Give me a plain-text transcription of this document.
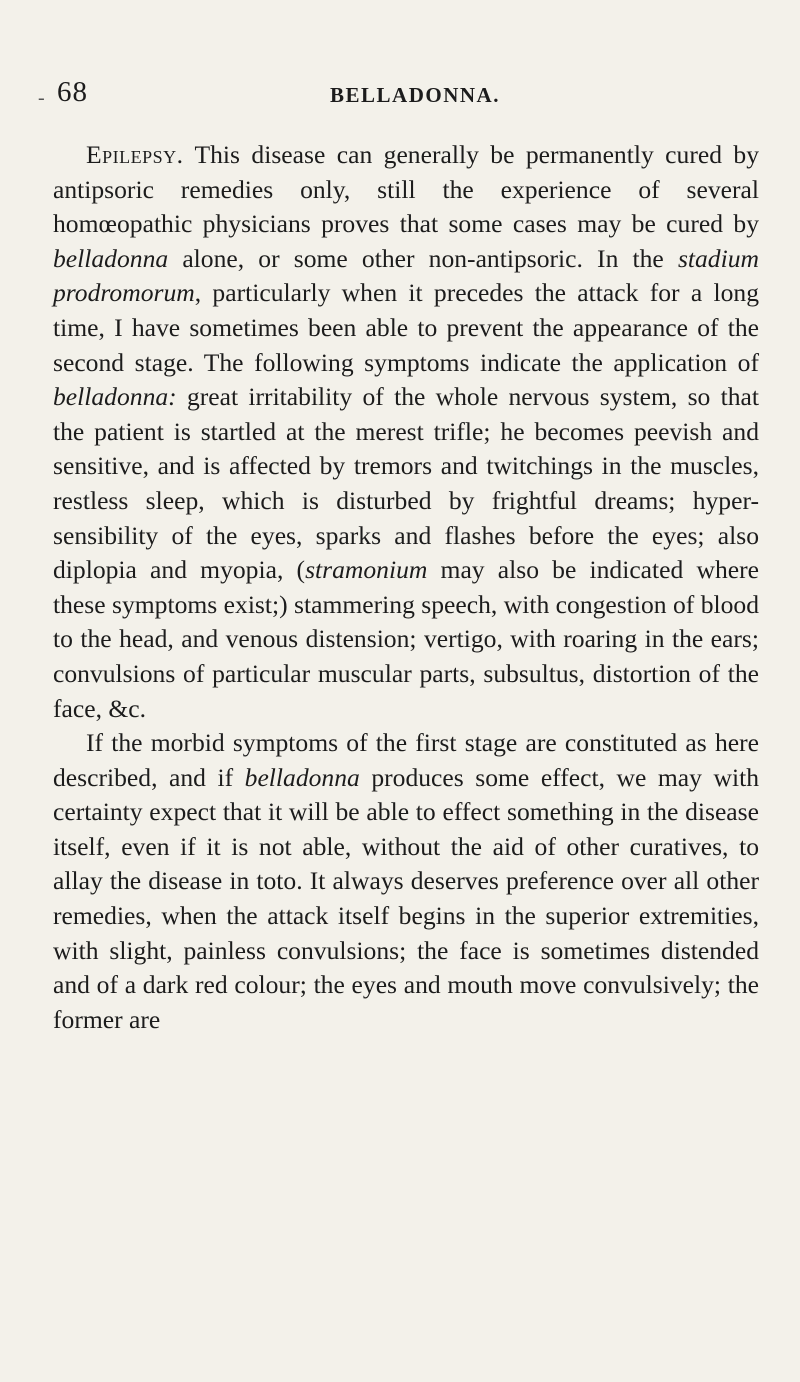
- 68	BELLADONNA.

Epilepsy. This disease can generally be permanently cured by antipsoric remedies only, still the experience of several homœopathic physicians proves that some cases may be cured by belladonna alone, or some other non-antipsoric. In the stadium prodromorum, particularly when it precedes the attack for a long time, I have sometimes been able to prevent the appearance of the second stage. The following symptoms indicate the application of belladonna: great irritability of the whole nervous system, so that the patient is startled at the merest trifle; he becomes peevish and sensitive, and is affected by tremors and twitchings in the muscles, restless sleep, which is disturbed by frightful dreams; hyper-sensibility of the eyes, sparks and flashes before the eyes; also diplopia and myopia, (stramonium may also be indicated where these symptoms exist;) stammering speech, with congestion of blood to the head, and venous distension; vertigo, with roaring in the ears; convulsions of particular muscular parts, subsultus, distortion of the face, &c.

If the morbid symptoms of the first stage are constituted as here described, and if belladonna produces some effect, we may with certainty expect that it will be able to effect something in the disease itself, even if it is not able, without the aid of other curatives, to allay the disease in toto. It always deserves preference over all other remedies, when the attack itself begins in the superior extremities, with slight, painless convulsions; the face is sometimes distended and of a dark red colour; the eyes and mouth move convulsively; the former are
